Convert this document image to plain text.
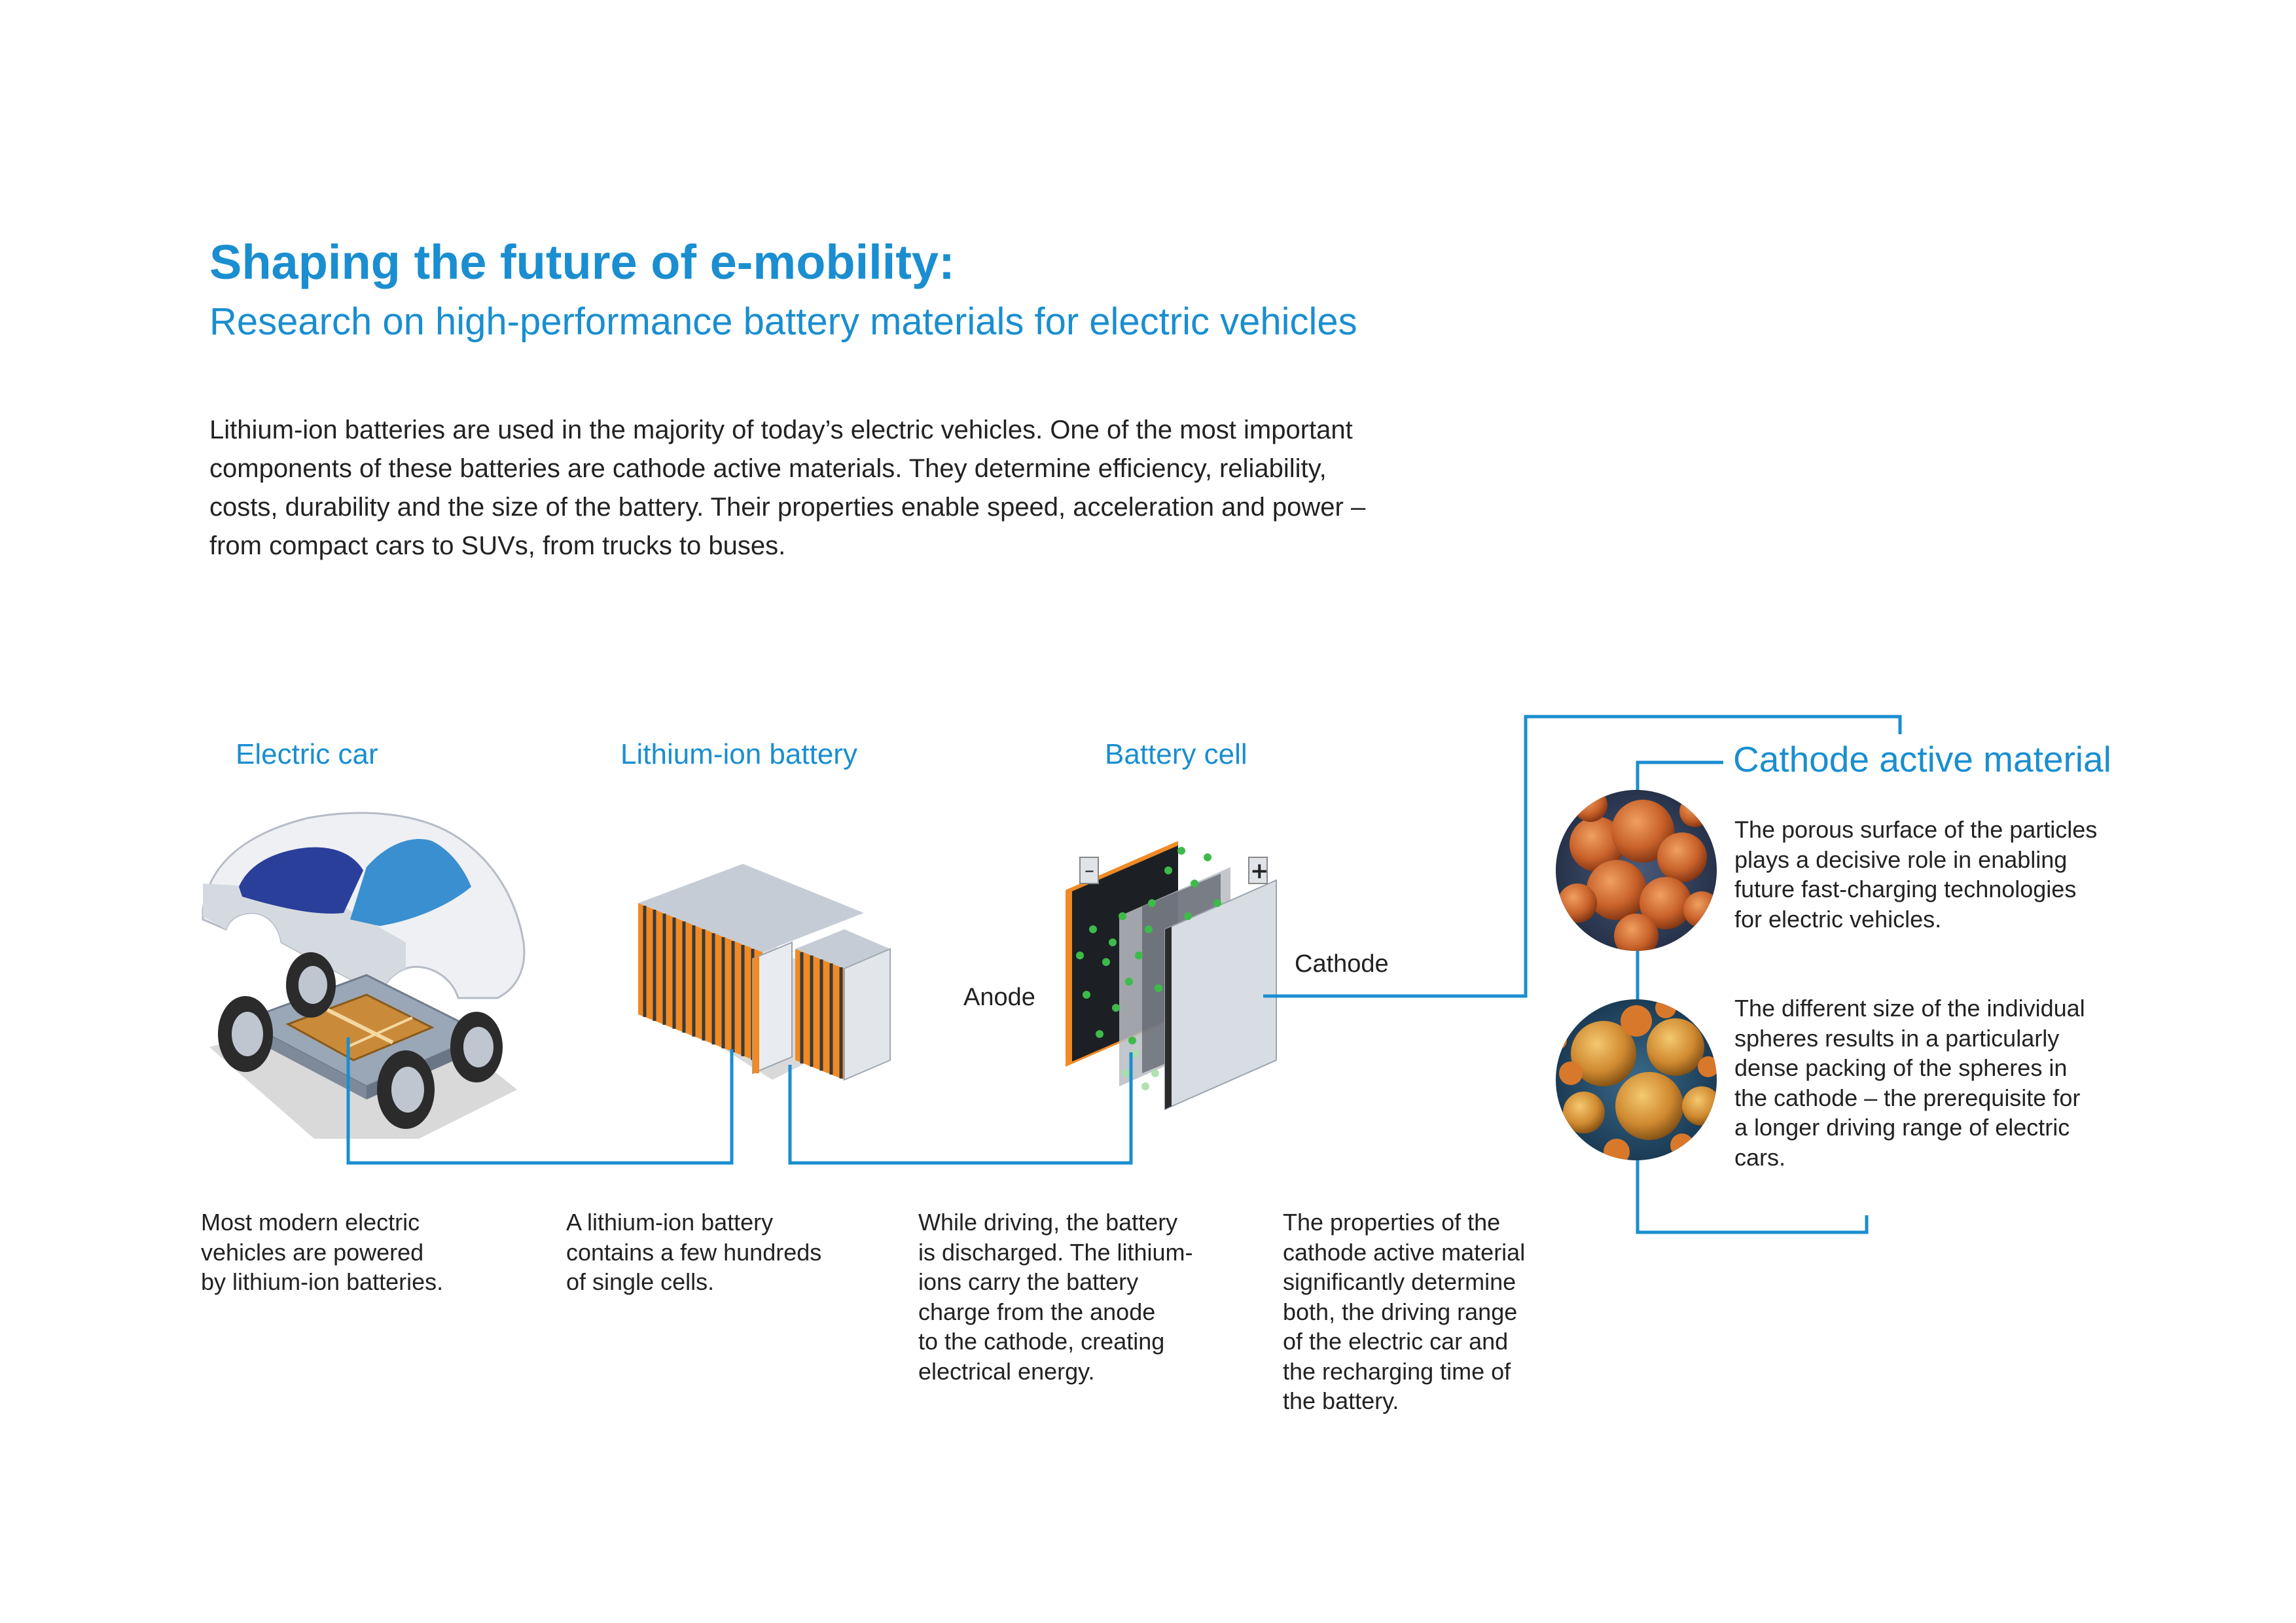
Shaping the future of e-mobility:
Research on high-performance battery materials for electric vehicles
Lithium-ion batteries are used in the majority of today’s electric vehicles. One of the most important
components of these batteries are cathode active materials. They determine efficiency, reliability,
costs, durability and the size of the battery. Their properties enable speed, acceleration and power –
from compact cars to SUVs, from trucks to buses.
–	+
Electric car	Lithium-ion battery	Battery cell	Cathode active material
Anode
Cathode
Most modern electric
vehicles are powered
by lithium-ion batteries.
A lithium-ion battery
contains a few hundreds
of single cells.
While driving, the battery
is discharged. The lithium-
ions carry the battery
charge from the anode
to the cathode, creating
electrical energy.
The properties of the
cathode active material
significantly determine
both, the driving range
of the electric car and
the recharging time of
the battery.
The porous surface of the particles
plays a decisive role in enabling
future fast-charging technologies
for electric vehicles.
The different size of the individual
spheres results in a particularly
dense packing of the spheres in
the cathode – the prerequisite for
a longer driving range of electric
cars.
